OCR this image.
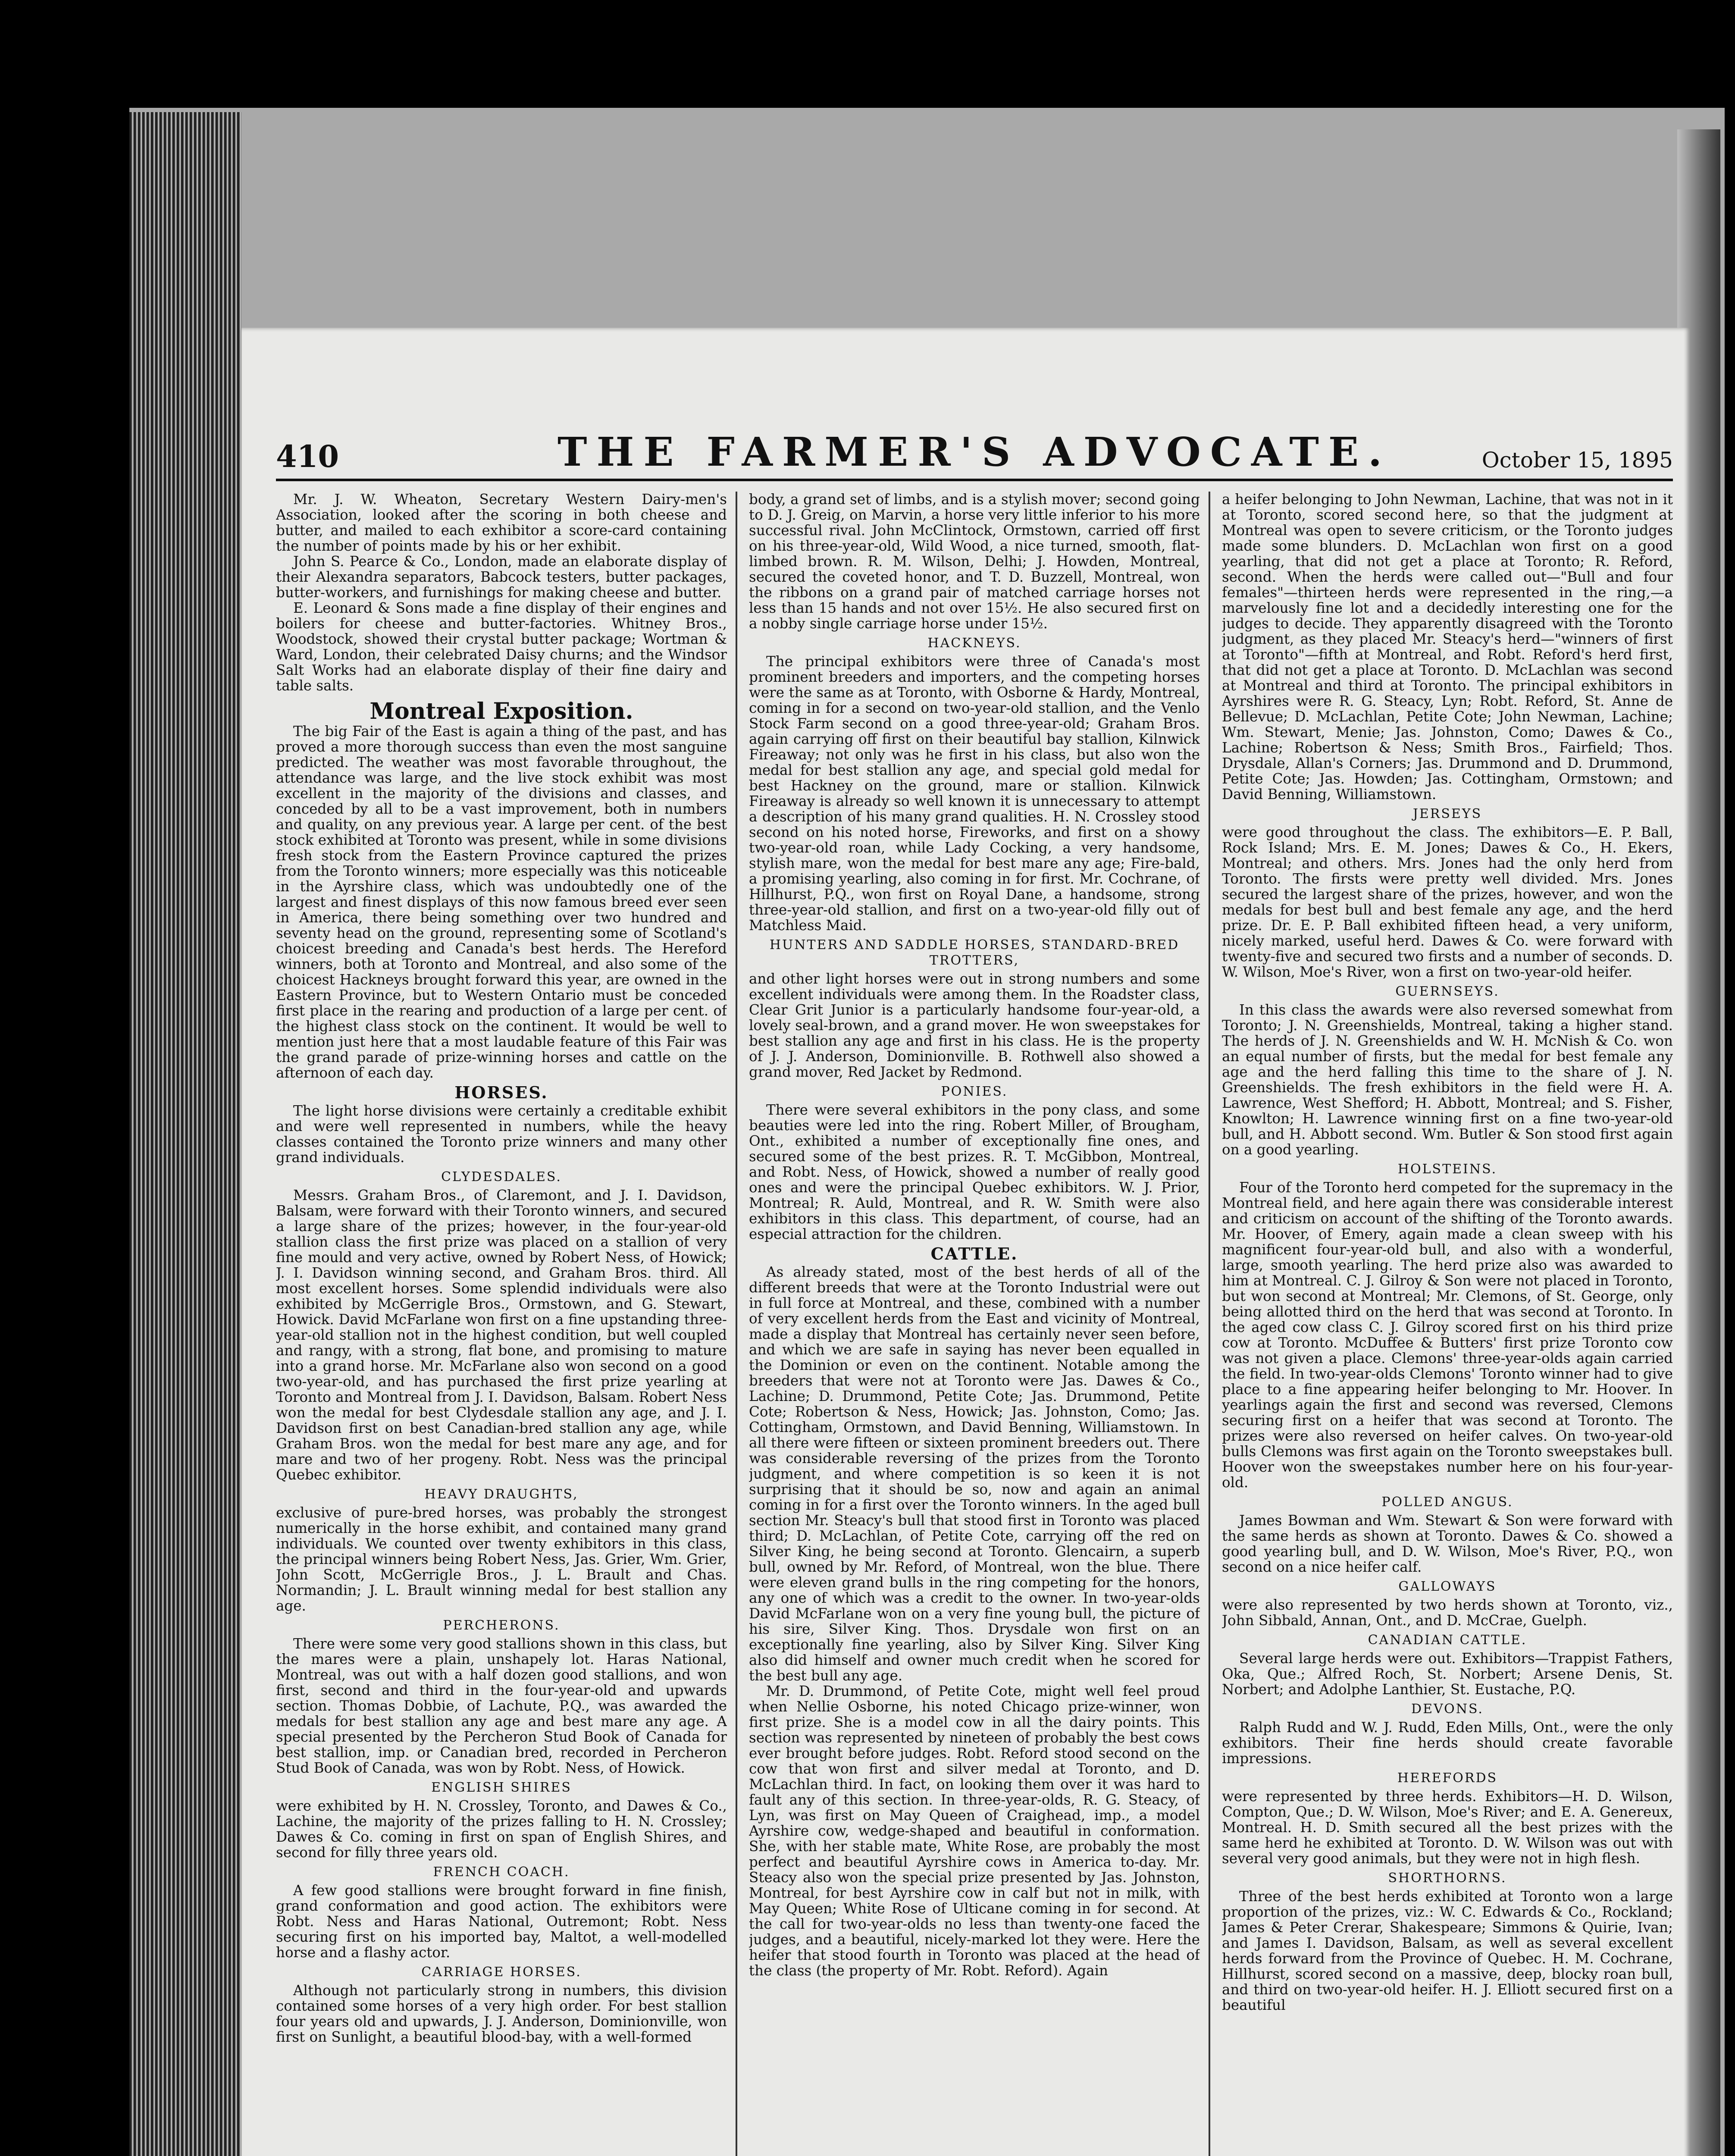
410	THE FARMER'S ADVOCATE.	October 15, 1895

Mr. J. W. Wheaton, Secretary Western Dairy-men's Association, looked after the scoring in both cheese and butter, and mailed to each exhibitor a score-card containing the number of points made by his or her exhibit.

John S. Pearce & Co., London, made an elaborate display of their Alexandra separators, Babcock testers, butter packages, butter-workers, and furnishings for making cheese and butter.

E. Leonard & Sons made a fine display of their engines and boilers for cheese and butter-factories. Whitney Bros., Woodstock, showed their crystal butter package; Wortman & Ward, London, their celebrated Daisy churns; and the Windsor Salt Works had an elaborate display of their fine dairy and table salts.

Montreal Exposition.

The big Fair of the East is again a thing of the past, and has proved a more thorough success than even the most sanguine predicted. The weather was most favorable throughout, the attendance was large, and the live stock exhibit was most excellent in the majority of the divisions and classes, and conceded by all to be a vast improvement, both in numbers and quality, on any previous year. A large per cent. of the best stock exhibited at Toronto was present, while in some divisions fresh stock from the Eastern Province captured the prizes from the Toronto winners; more especially was this noticeable in the Ayrshire class, which was undoubtedly one of the largest and finest displays of this now famous breed ever seen in America, there being something over two hundred and seventy head on the ground, representing some of Scotland's choicest breeding and Canada's best herds. The Hereford winners, both at Toronto and Montreal, and also some of the choicest Hackneys brought forward this year, are owned in the Eastern Province, but to Western Ontario must be conceded first place in the rearing and production of a large per cent. of the highest class stock on the continent. It would be well to mention just here that a most laudable feature of this Fair was the grand parade of prize-winning horses and cattle on the afternoon of each day.

HORSES.

The light horse divisions were certainly a creditable exhibit and were well represented in numbers, while the heavy classes contained the Toronto prize winners and many other grand individuals.

CLYDESDALES.

Messrs. Graham Bros., of Claremont, and J. I. Davidson, Balsam, were forward with their Toronto winners, and secured a large share of the prizes; however, in the four-year-old stallion class the first prize was placed on a stallion of very fine mould and very active, owned by Robert Ness, of Howick; J. I. Davidson winning second, and Graham Bros. third. All most excellent horses. Some splendid individuals were also exhibited by McGerrigle Bros., Ormstown, and G. Stewart, Howick. David McFarlane won first on a fine upstanding three-year-old stallion not in the highest condition, but well coupled and rangy, with a strong, flat bone, and promising to mature into a grand horse. Mr. McFarlane also won second on a good two-year-old, and has purchased the first prize yearling at Toronto and Montreal from J. I. Davidson, Balsam. Robert Ness won the medal for best Clydesdale stallion any age, and J. I. Davidson first on best Canadian-bred stallion any age, while Graham Bros. won the medal for best mare any age, and for mare and two of her progeny. Robt. Ness was the principal Quebec exhibitor.

HEAVY DRAUGHTS,

exclusive of pure-bred horses, was probably the strongest numerically in the horse exhibit, and contained many grand individuals. We counted over twenty exhibitors in this class, the principal winners being Robert Ness, Jas. Grier, Wm. Grier, John Scott, McGerrigle Bros., J. L. Brault and Chas. Normandin; J. L. Brault winning medal for best stallion any age.

PERCHERONS.

There were some very good stallions shown in this class, but the mares were a plain, unshapely lot. Haras National, Montreal, was out with a half dozen good stallions, and won first, second and third in the four-year-old and upwards section. Thomas Dobbie, of Lachute, P.Q., was awarded the medals for best stallion any age and best mare any age. A special presented by the Percheron Stud Book of Canada for best stallion, imp. or Canadian bred, recorded in Percheron Stud Book of Canada, was won by Robt. Ness, of Howick.

ENGLISH SHIRES

were exhibited by H. N. Crossley, Toronto, and Dawes & Co., Lachine, the majority of the prizes falling to H. N. Crossley; Dawes & Co. coming in first on span of English Shires, and second for filly three years old.

FRENCH COACH.

A few good stallions were brought forward in fine finish, grand conformation and good action. The exhibitors were Robt. Ness and Haras National, Outremont; Robt. Ness securing first on his imported bay, Maltot, a well-modelled horse and a flashy actor.

CARRIAGE HORSES.

Although not particularly strong in numbers, this division contained some horses of a very high order. For best stallion four years old and upwards, J. J. Anderson, Dominionville, won first on Sunlight, a beautiful blood-bay, with a well-formed

body, a grand set of limbs, and is a stylish mover; second going to D. J. Greig, on Marvin, a horse very little inferior to his more successful rival. John McClintock, Ormstown, carried off first on his three-year-old, Wild Wood, a nice turned, smooth, flat-limbed brown. R. M. Wilson, Delhi; J. Howden, Montreal, secured the coveted honor, and T. D. Buzzell, Montreal, won the ribbons on a grand pair of matched carriage horses not less than 15 hands and not over 15½. He also secured first on a nobby single carriage horse under 15½.

HACKNEYS.

The principal exhibitors were three of Canada's most prominent breeders and importers, and the competing horses were the same as at Toronto, with Osborne & Hardy, Montreal, coming in for a second on two-year-old stallion, and the Venlo Stock Farm second on a good three-year-old; Graham Bros. again carrying off first on their beautiful bay stallion, Kilnwick Fireaway; not only was he first in his class, but also won the medal for best stallion any age, and special gold medal for best Hackney on the ground, mare or stallion. Kilnwick Fireaway is already so well known it is unnecessary to attempt a description of his many grand qualities. H. N. Crossley stood second on his noted horse, Fireworks, and first on a showy two-year-old roan, while Lady Cocking, a very handsome, stylish mare, won the medal for best mare any age; Fire-bald, a promising yearling, also coming in for first. Mr. Cochrane, of Hillhurst, P.Q., won first on Royal Dane, a handsome, strong three-year-old stallion, and first on a two-year-old filly out of Matchless Maid.

HUNTERS AND SADDLE HORSES, STANDARD-BRED TROTTERS,

and other light horses were out in strong numbers and some excellent individuals were among them. In the Roadster class, Clear Grit Junior is a particularly handsome four-year-old, a lovely seal-brown, and a grand mover. He won sweepstakes for best stallion any age and first in his class. He is the property of J. J. Anderson, Dominionville. B. Rothwell also showed a grand mover, Red Jacket by Redmond.

PONIES.

There were several exhibitors in the pony class, and some beauties were led into the ring. Robert Miller, of Brougham, Ont., exhibited a number of exceptionally fine ones, and secured some of the best prizes. R. T. McGibbon, Montreal, and Robt. Ness, of Howick, showed a number of really good ones and were the principal Quebec exhibitors. W. J. Prior, Montreal; R. Auld, Montreal, and R. W. Smith were also exhibitors in this class. This department, of course, had an especial attraction for the children.

CATTLE.

As already stated, most of the best herds of all of the different breeds that were at the Toronto Industrial were out in full force at Montreal, and these, combined with a number of very excellent herds from the East and vicinity of Montreal, made a display that Montreal has certainly never seen before, and which we are safe in saying has never been equalled in the Dominion or even on the continent. Notable among the breeders that were not at Toronto were Jas. Dawes & Co., Lachine; D. Drummond, Petite Cote; Jas. Drummond, Petite Cote; Robertson & Ness, Howick; Jas. Johnston, Como; Jas. Cottingham, Ormstown, and David Benning, Williamstown. In all there were fifteen or sixteen prominent breeders out. There was considerable reversing of the prizes from the Toronto judgment, and where competition is so keen it is not surprising that it should be so, now and again an animal coming in for a first over the Toronto winners. In the aged bull section Mr. Steacy's bull that stood first in Toronto was placed third; D. McLachlan, of Petite Cote, carrying off the red on Silver King, he being second at Toronto. Glencairn, a superb bull, owned by Mr. Reford, of Montreal, won the blue. There were eleven grand bulls in the ring competing for the honors, any one of which was a credit to the owner. In two-year-olds David McFarlane won on a very fine young bull, the picture of his sire, Silver King. Thos. Drysdale won first on an exceptionally fine yearling, also by Silver King. Silver King also did himself and owner much credit when he scored for the best bull any age.

Mr. D. Drummond, of Petite Cote, might well feel proud when Nellie Osborne, his noted Chicago prize-winner, won first prize. She is a model cow in all the dairy points. This section was represented by nineteen of probably the best cows ever brought before judges. Robt. Reford stood second on the cow that won first and silver medal at Toronto, and D. McLachlan third. In fact, on looking them over it was hard to fault any of this section. In three-year-olds, R. G. Steacy, of Lyn, was first on May Queen of Craighead, imp., a model Ayrshire cow, wedge-shaped and beautiful in conformation. She, with her stable mate, White Rose, are probably the most perfect and beautiful Ayrshire cows in America to-day. Mr. Steacy also won the special prize presented by Jas. Johnston, Montreal, for best Ayrshire cow in calf but not in milk, with May Queen; White Rose of Ulticane coming in for second. At the call for two-year-olds no less than twenty-one faced the judges, and a beautiful, nicely-marked lot they were. Here the heifer that stood fourth in Toronto was placed at the head of the class (the property of Mr. Robt. Reford). Again

a heifer belonging to John Newman, Lachine, that was not in it at Toronto, scored second here, so that the judgment at Montreal was open to severe criticism, or the Toronto judges made some blunders. D. McLachlan won first on a good yearling, that did not get a place at Toronto; R. Reford, second. When the herds were called out—"Bull and four females"—thirteen herds were represented in the ring,—a marvelously fine lot and a decidedly interesting one for the judges to decide. They apparently disagreed with the Toronto judgment, as they placed Mr. Steacy's herd—"winners of first at Toronto"—fifth at Montreal, and Robt. Reford's herd first, that did not get a place at Toronto. D. McLachlan was second at Montreal and third at Toronto. The principal exhibitors in Ayrshires were R. G. Steacy, Lyn; Robt. Reford, St. Anne de Bellevue; D. McLachlan, Petite Cote; John Newman, Lachine; Wm. Stewart, Menie; Jas. Johnston, Como; Dawes & Co., Lachine; Robertson & Ness; Smith Bros., Fairfield; Thos. Drysdale, Allan's Corners; Jas. Drummond and D. Drummond, Petite Cote; Jas. Howden; Jas. Cottingham, Ormstown; and David Benning, Williamstown.

JERSEYS

were good throughout the class. The exhibitors—E. P. Ball, Rock Island; Mrs. E. M. Jones; Dawes & Co., H. Ekers, Montreal; and others. Mrs. Jones had the only herd from Toronto. The firsts were pretty well divided. Mrs. Jones secured the largest share of the prizes, however, and won the medals for best bull and best female any age, and the herd prize. Dr. E. P. Ball exhibited fifteen head, a very uniform, nicely marked, useful herd. Dawes & Co. were forward with twenty-five and secured two firsts and a number of seconds. D. W. Wilson, Moe's River, won a first on two-year-old heifer.

GUERNSEYS.

In this class the awards were also reversed somewhat from Toronto; J. N. Greenshields, Montreal, taking a higher stand. The herds of J. N. Greenshields and W. H. McNish & Co. won an equal number of firsts, but the medal for best female any age and the herd falling this time to the share of J. N. Greenshields. The fresh exhibitors in the field were H. A. Lawrence, West Shefford; H. Abbott, Montreal; and S. Fisher, Knowlton; H. Lawrence winning first on a fine two-year-old bull, and H. Abbott second. Wm. Butler & Son stood first again on a good yearling.

HOLSTEINS.

Four of the Toronto herd competed for the supremacy in the Montreal field, and here again there was considerable interest and criticism on account of the shifting of the Toronto awards. Mr. Hoover, of Emery, again made a clean sweep with his magnificent four-year-old bull, and also with a wonderful, large, smooth yearling. The herd prize also was awarded to him at Montreal. C. J. Gilroy & Son were not placed in Toronto, but won second at Montreal; Mr. Clemons, of St. George, only being allotted third on the herd that was second at Toronto. In the aged cow class C. J. Gilroy scored first on his third prize cow at Toronto. McDuffee & Butters' first prize Toronto cow was not given a place. Clemons' three-year-olds again carried the field. In two-year-olds Clemons' Toronto winner had to give place to a fine appearing heifer belonging to Mr. Hoover. In yearlings again the first and second was reversed, Clemons securing first on a heifer that was second at Toronto. The prizes were also reversed on heifer calves. On two-year-old bulls Clemons was first again on the Toronto sweepstakes bull. Hoover won the sweepstakes number here on his four-year-old.

POLLED ANGUS.

James Bowman and Wm. Stewart & Son were forward with the same herds as shown at Toronto. Dawes & Co. showed a good yearling bull, and D. W. Wilson, Moe's River, P.Q., won second on a nice heifer calf.

GALLOWAYS

were also represented by two herds shown at Toronto, viz., John Sibbald, Annan, Ont., and D. McCrae, Guelph.

CANADIAN CATTLE.

Several large herds were out. Exhibitors—Trappist Fathers, Oka, Que.; Alfred Roch, St. Norbert; Arsene Denis, St. Norbert; and Adolphe Lanthier, St. Eustache, P.Q.

DEVONS.

Ralph Rudd and W. J. Rudd, Eden Mills, Ont., were the only exhibitors. Their fine herds should create favorable impressions.

HEREFORDS

were represented by three herds. Exhibitors—H. D. Wilson, Compton, Que.; D. W. Wilson, Moe's River; and E. A. Genereux, Montreal. H. D. Smith secured all the best prizes with the same herd he exhibited at Toronto. D. W. Wilson was out with several very good animals, but they were not in high flesh.

SHORTHORNS.

Three of the best herds exhibited at Toronto won a large proportion of the prizes, viz.: W. C. Edwards & Co., Rockland; James & Peter Crerar, Shakespeare; Simmons & Quirie, Ivan; and James I. Davidson, Balsam, as well as several excellent herds forward from the Province of Quebec. H. M. Cochrane, Hillhurst, scored second on a massive, deep, blocky roan bull, and third on two-year-old heifer. H. J. Elliott secured first on a beautiful
